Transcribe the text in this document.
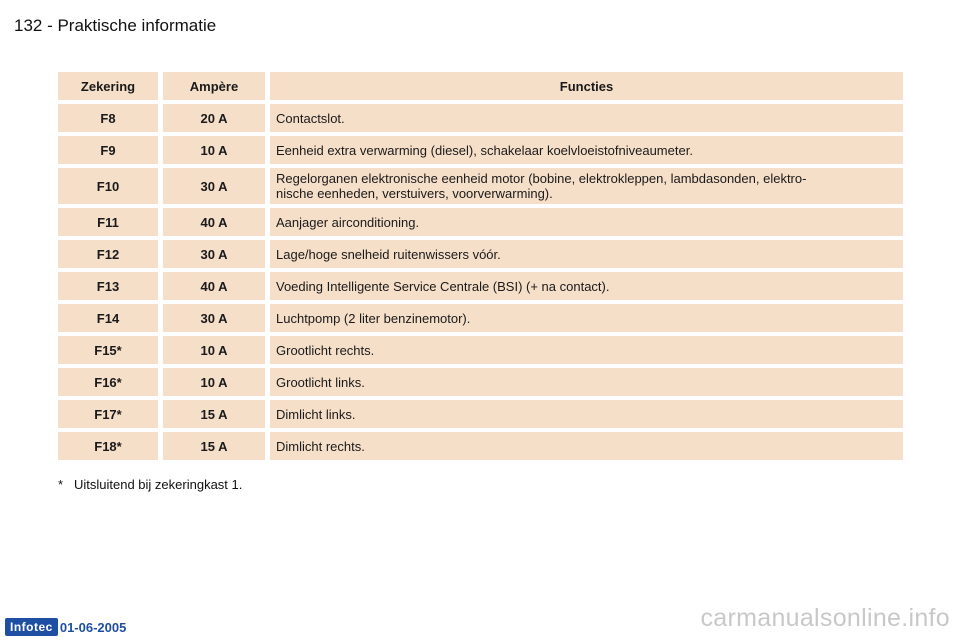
132 - Praktische informatie
Zekering	Ampère	Functies
F8	20 A	Contactslot.
F9	10 A	Eenheid extra verwarming (diesel), schakelaar koelvloeistofniveaumeter.
F10	30 A	Regelorganen elektronische eenheid motor (bobine, elektrokleppen, lambdasonden, elektro-
nische eenheden, verstuivers, voorverwarming).

F11	40 A	Aanjager airconditioning.
F12	30 A	Lage/hoge snelheid ruitenwissers vóór.
F13	40 A	Voeding Intelligente Service Centrale (BSI) (+ na contact).
F14	30 A	Luchtpomp (2 liter benzinemotor).
F15*	10 A	Grootlicht rechts.
F16*	10 A	Grootlicht links.
F17*	15 A	Dimlicht links.
F18*	15 A	Dimlicht rechts.
* Uitsluitend bij zekeringkast 1.
Infotec 01-06-2005	carmanualsonline.info
